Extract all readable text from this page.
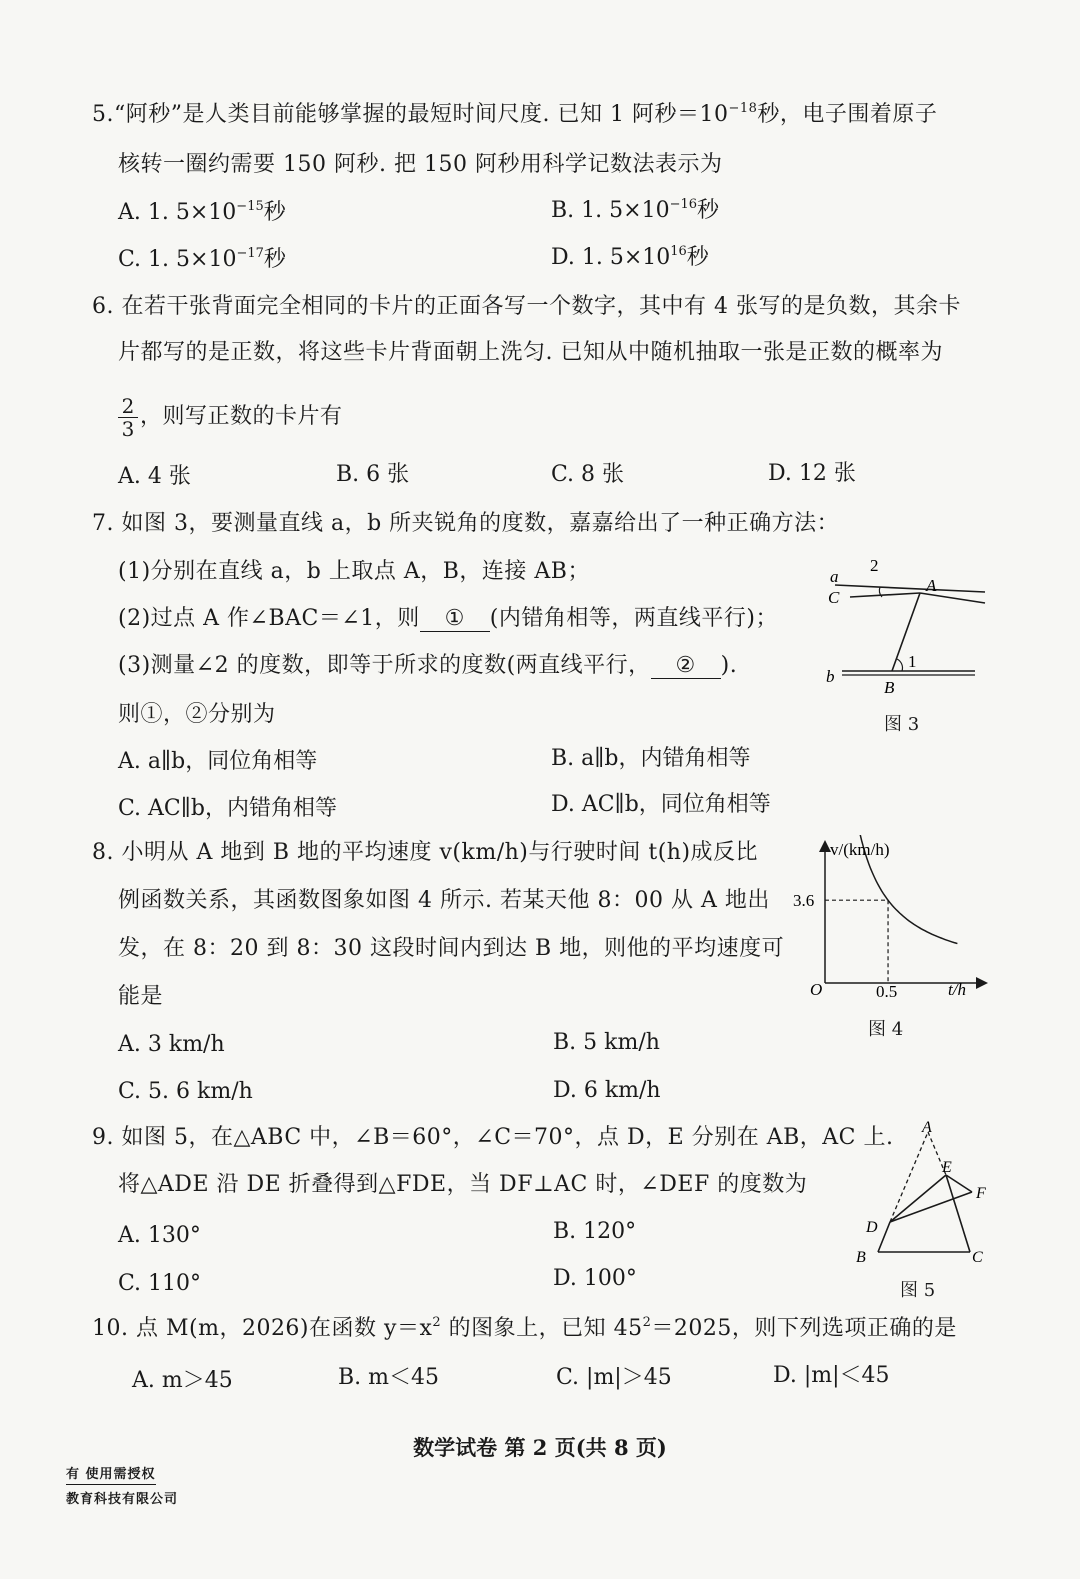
5.“阿秒”是人类目前能够掌握的最短时间尺度. 已知 1 阿秒$=10^{-18}$秒，电子围着原子
核转一圈约需要 150 阿秒. 把 150 阿秒用科学记数法表示为
A. 1. $5\times 10^{-15}$秒	B. 1. $5\times 10^{-16}$秒
C. 1. $5\times 10^{-17}$秒	D. 1. $5\times 10^{16}$秒
6. 在若干张背面完全相同的卡片的正面各写一个数字，其中有 4 张写的是负数，其余卡
片都写的是正数，将这些卡片背面朝上洗匀. 已知从中随机抽取一张是正数的概率为
$\frac{2}{3}$ ，则写正数的卡片有
A. 4 张	B. 6 张	C. 8 张	D. 12 张
7. 如图 3，要测量直线 a，b 所夹锐角的度数，嘉嘉给出了一种正确方法：
(1)分别在直线 a，b 上取点 A，B，连接 AB；
(2)过点 A 作∠BAC＝∠1，则 ① (内错角相等，两直线平行)；
(3)测量∠2 的度数，即等于所求的度数(两直线平行， ② ).
则①，②分别为
A. a∥b，同位角相等	B. a∥b，内错角相等
C. AC∥b，内错角相等	D. AC∥b，同位角相等
a
C
2
A
1
b
B
图 3
8. 小明从 A 地到 B 地的平均速度 v(km/h)与行驶时间 t(h)成反比
例函数关系，其函数图象如图 4 所示. 若某天他 8：00 从 A 地出
发，在 8：20 到 8：30 这段时间内到达 B 地，则他的平均速度可
能是
A. 3 km/h	B. 5 km/h
C. 5. 6 km/h	D. 6 km/h
v/(km/h)
t/h
O
3.6
0.5
图 4
9. 如图 5，在△ABC 中，∠B＝60°，∠C＝70°，点 D，E 分别在 AB，AC 上.
将△ADE 沿 DE 折叠得到△FDE，当 DF⊥AC 时，∠DEF 的度数为
A. 130°	B. 120°
C. 110°	D. 100°
A
E
F
D
B	C
图 5
10. 点 M(m，2026)在函数 $y=x^2$ 的图象上，已知 $45^2=2025$，则下列选项正确的是
A. m＞45	B. m＜45	C. |m|＞45	D. |m|＜45
数学试卷 第 2 页(共 8 页)
有 使用需授权
教育科技有限公司
